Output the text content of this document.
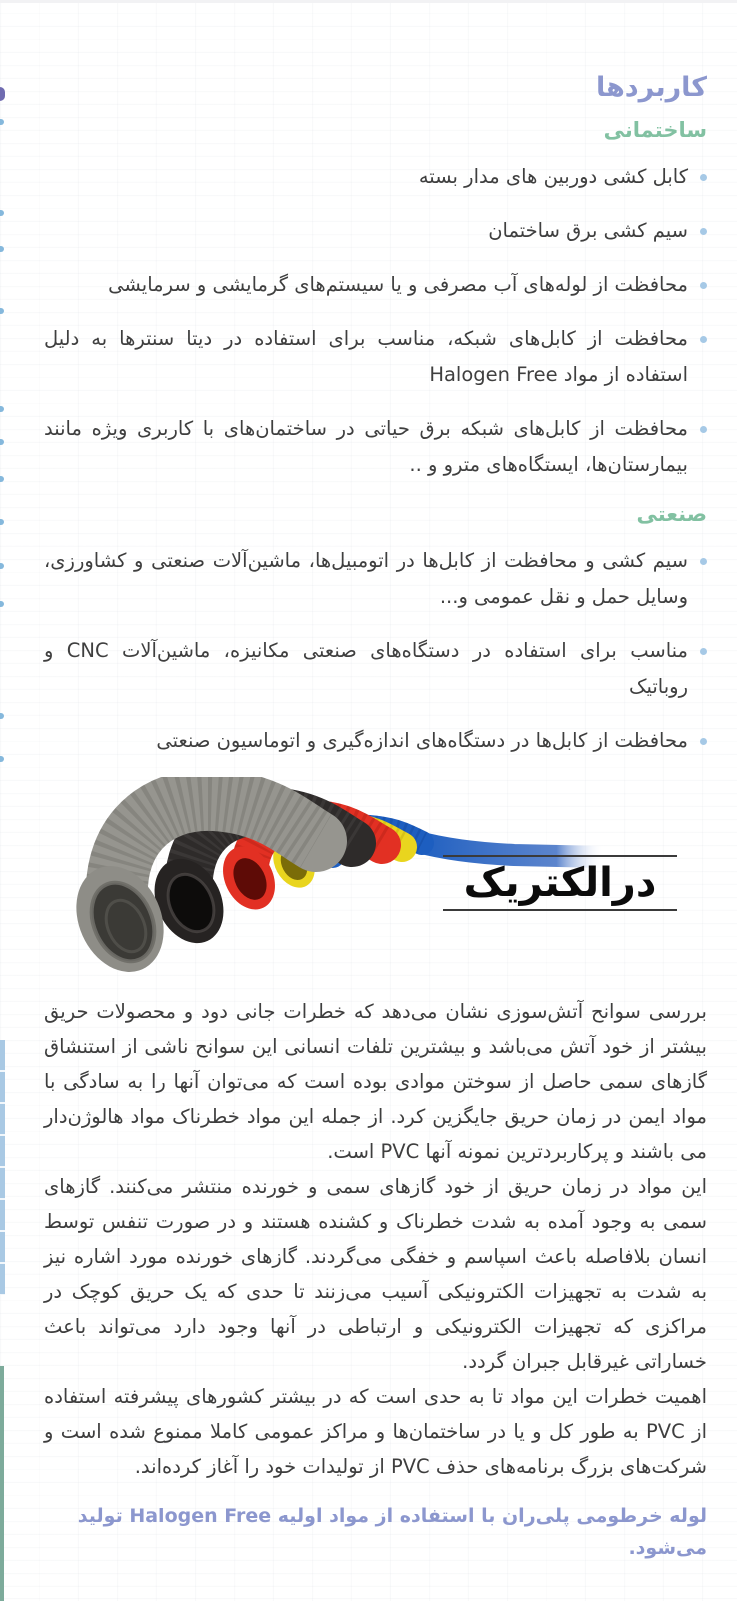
کاربردها
ساختمانی
کابل کشی دوربین های مدار بسته
سیم کشی برق ساختمان
محافظت از لوله‌های آب مصرفی و یا سیستم‌های گرمایشی و سرمایشی
محافظت از کابل‌های شبکه، مناسب برای استفاده در دیتا سنترها به دلیل استفاده از مواد Halogen Free
محافظت از کابل‌های شبکه برق حیاتی در ساختمان‌های با کاربری ویژه مانند بیمارستان‌ها، ایستگاه‌های مترو و ..
صنعتی
سیم کشی و محافظت از کابل‌ها در اتومبیل‌ها، ماشین‌آلات صنعتی و کشاورزی، وسایل حمل و نقل عمومی و...
مناسب برای استفاده در دستگاه‌های صنعتی مکانیزه، ماشین‌آلات CNC و روباتیک
محافظت از کابل‌ها در دستگاه‌های اندازه‌گیری و اتوماسیون صنعتی
درالکتریک

بررسی سوانح آتش‌سوزی نشان می‌دهد که خطرات جانی دود و محصولات حریق بیشتر از خود آتش می‌باشد و بیشترین تلفات انسانی این سوانح ناشی از استنشاق گازهای سمی حاصل از سوختن موادی بوده است که می‌توان آنها را به سادگی با مواد ایمن در زمان حریق جایگزین کرد. از جمله این مواد خطرناک مواد هالوژن‌دار می باشند و پرکاربردترین نمونه آنها PVC است.

این مواد در زمان حریق از خود گازهای سمی و خورنده منتشر می‌کنند. گازهای سمی به وجود آمده به شدت خطرناک و کشنده هستند و در صورت تنفس توسط انسان بلافاصله باعث اسپاسم و خفگی می‌گردند. گازهای خورنده مورد اشاره نیز به شدت به تجهیزات الکترونیکی آسیب می‌زنند تا حدی که یک حریق کوچک در مراکزی که تجهیزات الکترونیکی و ارتباطی در آنها وجود دارد می‌تواند باعث خساراتی غیرقابل جبران گردد.

اهمیت خطرات این مواد تا به حدی است که در بیشتر کشورهای پیشرفته استفاده از PVC به طور کل و یا در ساختمان‌ها و مراکز عمومی کاملا ممنوع شده است و شرکت‌های بزرگ برنامه‌های حذف PVC از تولیدات خود را آغاز کرده‌اند.

لوله خرطومی پلی‌ران با استفاده از مواد اولیه Halogen Free تولید می‌شود.
